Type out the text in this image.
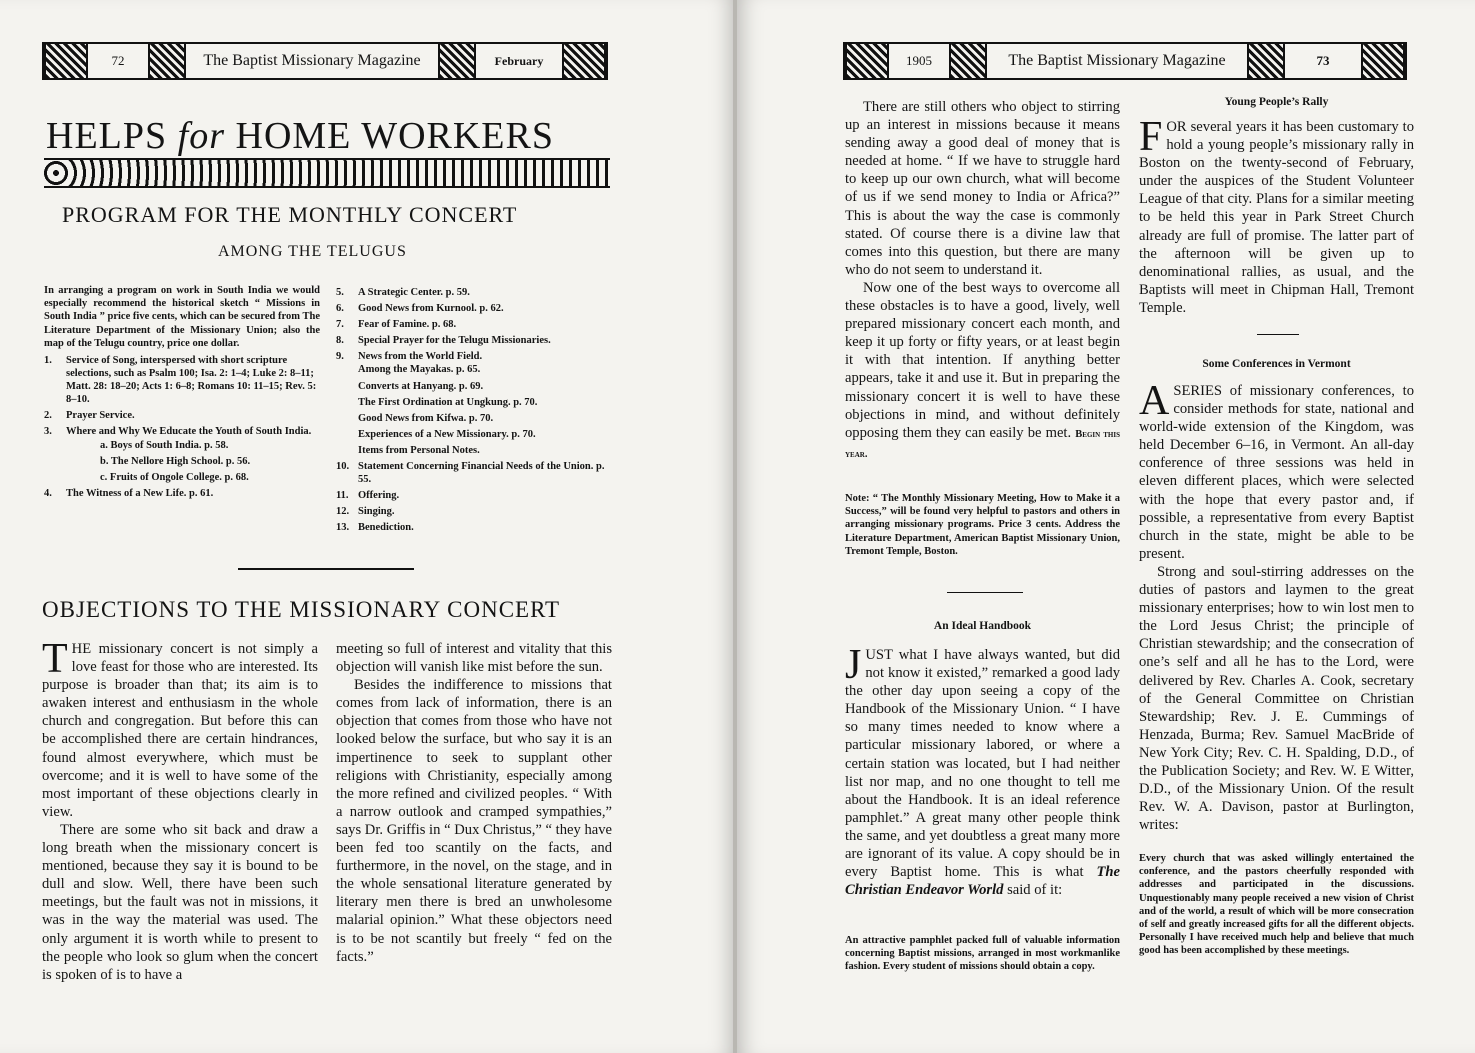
72	The Baptist Missionary Magazine	February
HELPS for HOME WORKERS
PROGRAM FOR THE MONTHLY CONCERT
AMONG THE TELUGUS
In arranging a program on work in South India we would especially recommend the historical sketch “ Missions in South India ” price five cents, which can be secured from The Literature Department of the Missionary Union; also the map of the Telugu country, price one dollar.
1. Service of Song, interspersed with short scripture selections, such as Psalm 100; Isa. 2: 1–4; Luke 2: 8–11; Matt. 28: 18–20; Acts 1: 6–8; Romans 10: 11–15; Rev. 5: 8–10.
2. Prayer Service.
3. Where and Why We Educate the Youth of South India.
a. Boys of South India. p. 58.
b. The Nellore High School. p. 56.
c. Fruits of Ongole College. p. 68.
4. The Witness of a New Life. p. 61.
5. A Strategic Center. p. 59.
6. Good News from Kurnool. p. 62.
7. Fear of Famine. p. 68.
8. Special Prayer for the Telugu Missionaries.
9. News from the World Field.
Among the Mayakas. p. 65.
Converts at Hanyang. p. 69.
The First Ordination at Ungkung. p. 70.
Good News from Kifwa. p. 70.
Experiences of a New Missionary. p. 70.
Items from Personal Notes.
10. Statement Concerning Financial Needs of the Union. p. 55.
11. Offering.
12. Singing.
13. Benediction.
OBJECTIONS TO THE MISSIONARY CONCERT

THE missionary concert is not simply a love feast for those who are interested. Its purpose is broader than that; its aim is to awaken interest and enthusiasm in the whole church and congregation. But before this can be accomplished there are certain hindrances, found almost everywhere, which must be overcome; and it is well to have some of the most important of these objections clearly in view.

There are some who sit back and draw a long breath when the missionary concert is mentioned, because they say it is bound to be dull and slow. Well, there have been such meetings, but the fault was not in missions, it was in the way the material was used. The only argument it is worth while to present to the people who look so glum when the concert is spoken of is to have a

meeting so full of interest and vitality that this objection will vanish like mist before the sun.

Besides the indifference to missions that comes from lack of information, there is an objection that comes from those who have not looked below the surface, but who say it is an impertinence to seek to supplant other religions with Christianity, especially among the more refined and civilized peoples. “ With a narrow outlook and cramped sympathies,” says Dr. Griffis in “ Dux Christus,” “ they have been fed too scantily on the facts, and furthermore, in the novel, on the stage, and in the whole sensational literature generated by literary men there is bred an unwholesome malarial opinion.” What these objectors need is to be not scantily but freely “ fed on the facts.”

1905	The Baptist Missionary Magazine	73

There are still others who object to stirring up an interest in missions because it means sending away a good deal of money that is needed at home. “ If we have to struggle hard to keep up our own church, what will become of us if we send money to India or Africa?” This is about the way the case is commonly stated. Of course there is a divine law that comes into this question, but there are many who do not seem to understand it.

Now one of the best ways to overcome all these obstacles is to have a good, lively, well prepared missionary concert each month, and keep it up forty or fifty years, or at least begin it with that intention. If anything better appears, take it and use it. But in preparing the missionary concert it is well to have these objections in mind, and without definitely opposing them they can easily be met. Begin this year.

Note: “ The Monthly Missionary Meeting, How to Make it a Success,” will be found very helpful to pastors and others in arranging missionary programs. Price 3 cents. Address the Literature Department, American Baptist Missionary Union, Tremont Temple, Boston.
An Ideal Handbook

JUST what I have always wanted, but did not know it existed,” remarked a good lady the other day upon seeing a copy of the Handbook of the Missionary Union. “ I have so many times needed to know where a particular missionary labored, or where a certain station was located, but I had neither list nor map, and no one thought to tell me about the Handbook. It is an ideal reference pamphlet.” A great many other people think the same, and yet doubtless a great many more are ignorant of its value. A copy should be in every Baptist home. This is what The Christian Endeavor World said of it:

An attractive pamphlet packed full of valuable information concerning Baptist missions, arranged in most workmanlike fashion. Every student of missions should obtain a copy.
Young People’s Rally

FOR several years it has been customary to hold a young people’s missionary rally in Boston on the twenty-second of February, under the auspices of the Student Volunteer League of that city. Plans for a similar meeting to be held this year in Park Street Church already are full of promise. The latter part of the afternoon will be given up to denominational rallies, as usual, and the Baptists will meet in Chipman Hall, Tremont Temple.

Some Conferences in Vermont

ASERIES of missionary conferences, to consider methods for state, national and world-wide extension of the Kingdom, was held December 6–16, in Vermont. An all-day conference of three sessions was held in eleven different places, which were selected with the hope that every pastor and, if possible, a representative from every Baptist church in the state, might be able to be present.

Strong and soul-stirring addresses on the duties of pastors and laymen to the great missionary enterprises; how to win lost men to the Lord Jesus Christ; the principle of Christian stewardship; and the consecration of one’s self and all he has to the Lord, were delivered by Rev. Charles A. Cook, secretary of the General Committee on Christian Stewardship; Rev. J. E. Cummings of Henzada, Burma; Rev. Samuel MacBride of New York City; Rev. C. H. Spalding, D.D., of the Publication Society; and Rev. W. E Witter, D.D., of the Missionary Union. Of the result Rev. W. A. Davison, pastor at Burlington, writes:

Every church that was asked willingly entertained the conference, and the pastors cheerfully responded with addresses and participated in the discussions. Unquestionably many people received a new vision of Christ and of the world, a result of which will be more consecration of self and greatly increased gifts for all the different objects. Personally I have received much help and believe that much good has been accomplished by these meetings.
